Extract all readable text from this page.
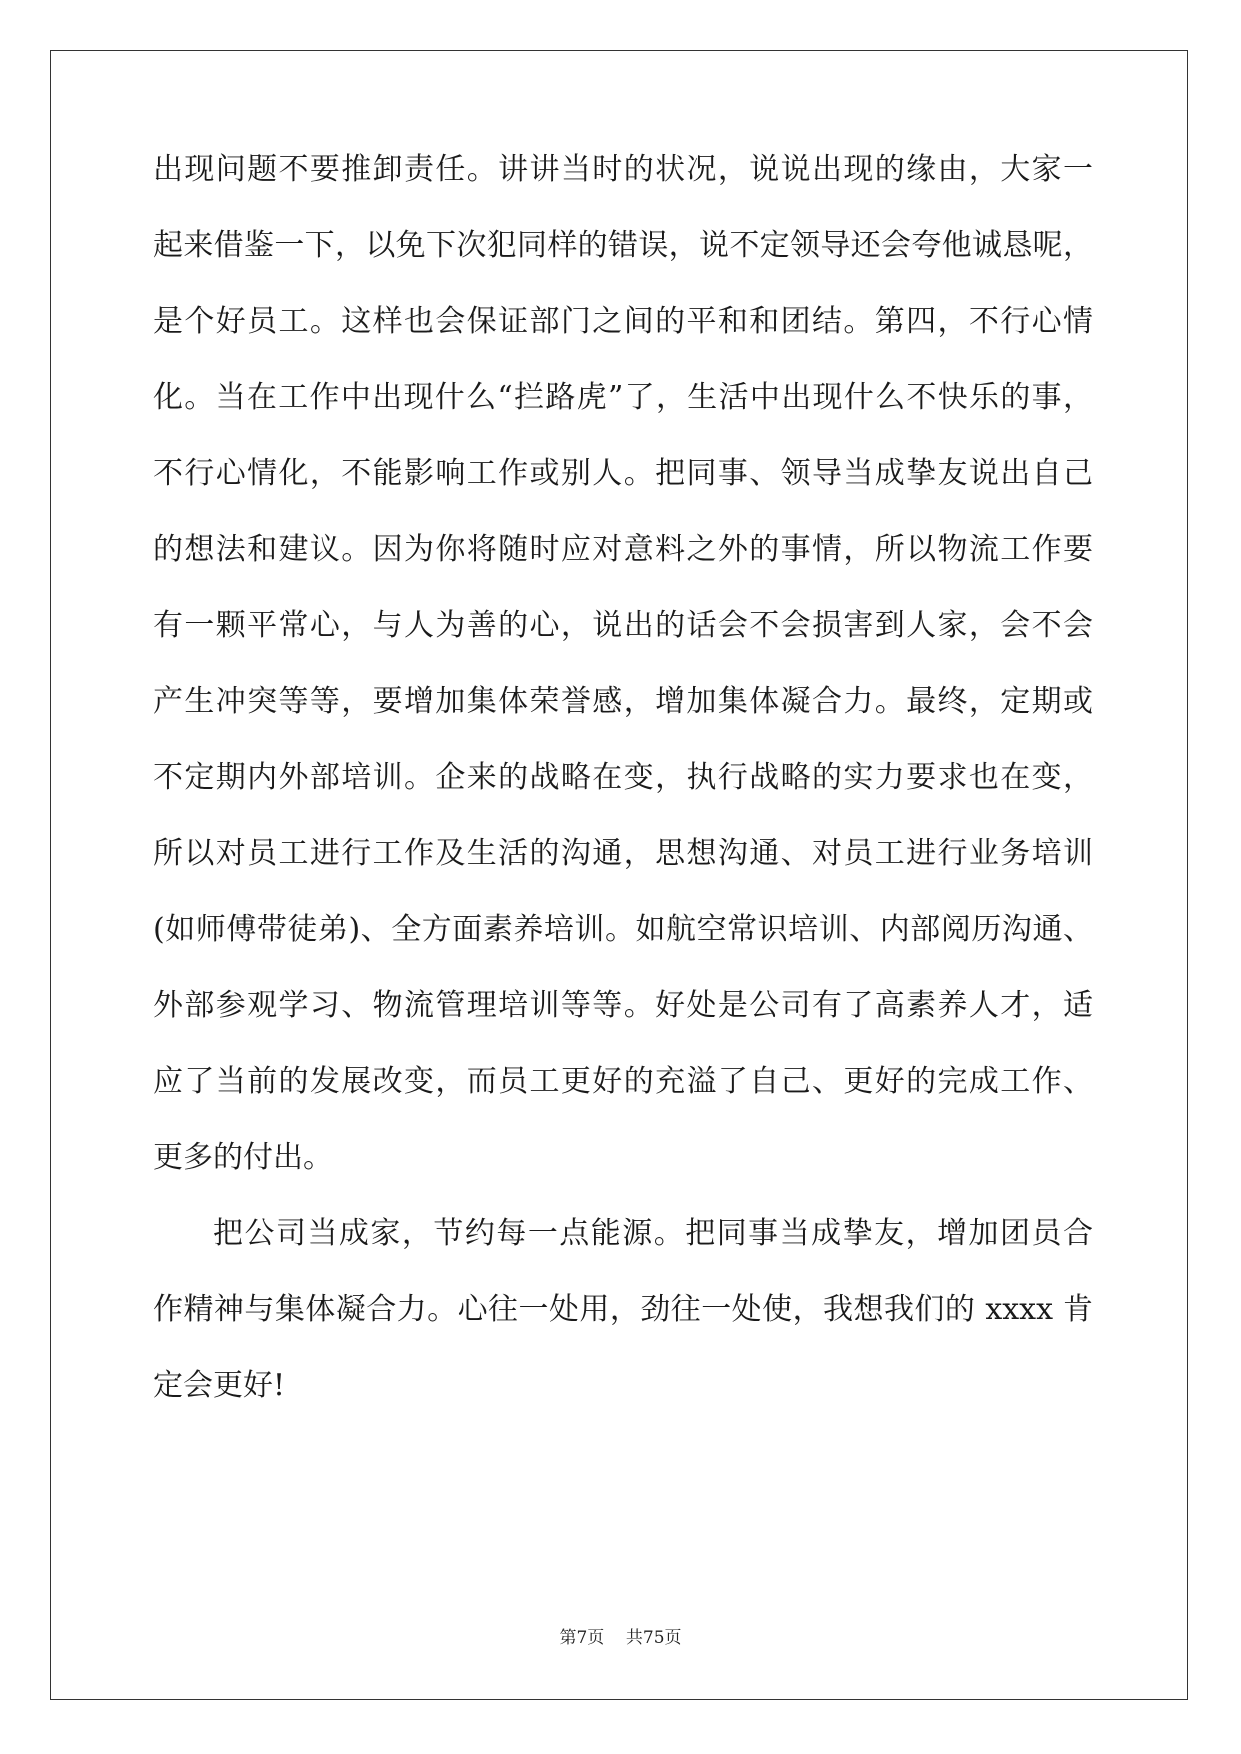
出现问题不要推卸责任。讲讲当时的状况，说说出现的缘由，大家一
起来借鉴一下，以免下次犯同样的错误，说不定领导还会夸他诚恳呢，
是个好员工。这样也会保证部门之间的平和和团结。第四，不行心情
化。当在工作中出现什么“拦路虎”了，生活中出现什么不快乐的事，
不行心情化，不能影响工作或别人。把同事、领导当成挚友说出自己
的想法和建议。因为你将随时应对意料之外的事情，所以物流工作要
有一颗平常心，与人为善的心，说出的话会不会损害到人家，会不会
产生冲突等等，要增加集体荣誉感，增加集体凝合力。最终，定期或
不定期内外部培训。企来的战略在变，执行战略的实力要求也在变，
所以对员工进行工作及生活的沟通，思想沟通、对员工进行业务培训
(如师傅带徒弟)、全方面素养培训。如航空常识培训、内部阅历沟通、
外部参观学习、物流管理培训等等。好处是公司有了高素养人才，适
应了当前的发展改变，而员工更好的充溢了自己、更好的完成工作、
更多的付出。
把公司当成家，节约每一点能源。把同事当成挚友，增加团员合
作精神与集体凝合力。心往一处用，劲往一处使，我想我们的 xxxx 肯
定会更好!
第7页 共75页
